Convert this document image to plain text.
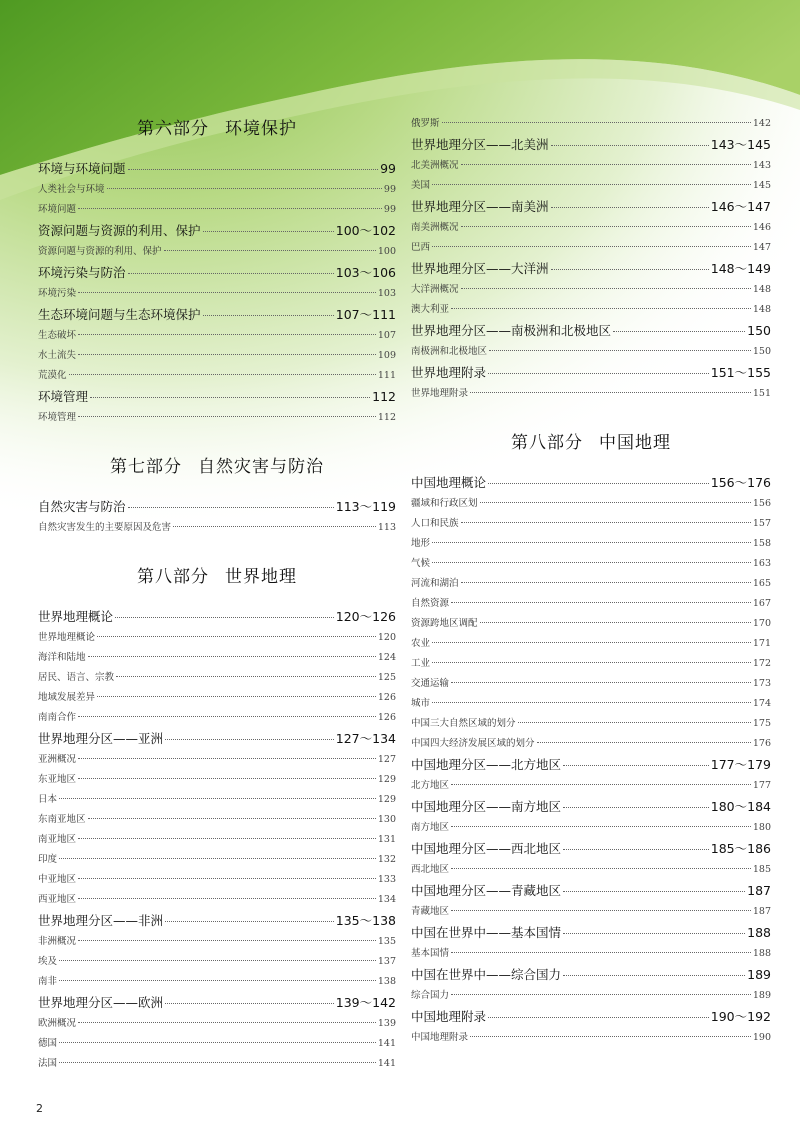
第六部分 环境保护
环境与环境问题	99
人类社会与环境	99
环境问题	99
资源问题与资源的利用、保护	100～102
资源问题与资源的利用、保护	100
环境污染与防治	103～106
环境污染	103
生态环境问题与生态环境保护	107～111
生态破坏	107
水土流失	109
荒漠化	111
环境管理	112
环境管理	112
第七部分 自然灾害与防治
自然灾害与防治	113～119
自然灾害发生的主要原因及危害	113
第八部分 世界地理
世界地理概论	120～126
世界地理概论	120
海洋和陆地	124
居民、语言、宗教	125
地域发展差异	126
南南合作	126
世界地理分区——亚洲	127～134
亚洲概况	127
东亚地区	129
日本	129
东南亚地区	130
南亚地区	131
印度	132
中亚地区	133
西亚地区	134
世界地理分区——非洲	135～138
非洲概况	135
埃及	137
南非	138
世界地理分区——欧洲	139～142
欧洲概况	139
德国	141
法国	141
俄罗斯	142
世界地理分区——北美洲	143～145
北美洲概况	143
美国	145
世界地理分区——南美洲	146～147
南美洲概况	146
巴西	147
世界地理分区——大洋洲	148～149
大洋洲概况	148
澳大利亚	148
世界地理分区——南极洲和北极地区	150
南极洲和北极地区	150
世界地理附录	151～155
世界地理附录	151
第八部分 中国地理
中国地理概论	156～176
疆域和行政区划	156
人口和民族	157
地形	158
气候	163
河流和湖泊	165
自然资源	167
资源跨地区调配	170
农业	171
工业	172
交通运输	173
城市	174
中国三大自然区域的划分	175
中国四大经济发展区域的划分	176
中国地理分区——北方地区	177～179
北方地区	177
中国地理分区——南方地区	180～184
南方地区	180
中国地理分区——西北地区	185～186
西北地区	185
中国地理分区——青藏地区	187
青藏地区	187
中国在世界中——基本国情	188
基本国情	188
中国在世界中——综合国力	189
综合国力	189
中国地理附录	190～192
中国地理附录	190
2
